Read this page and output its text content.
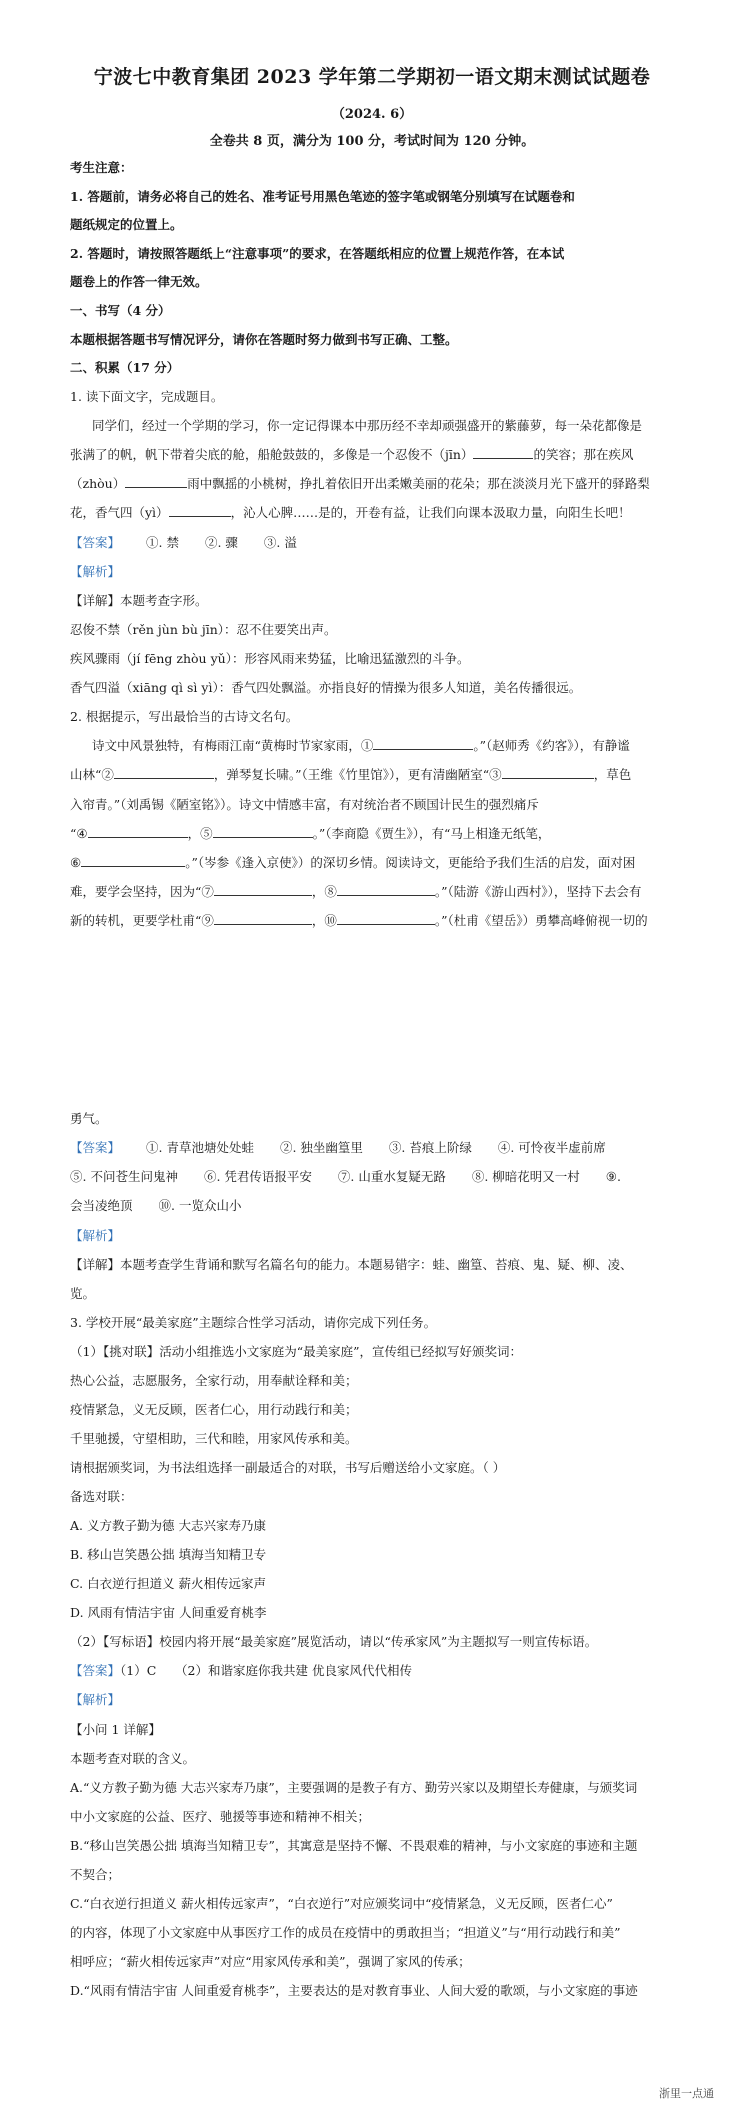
宁波七中教育集团 2023 学年第二学期初一语文期末测试试题卷
（2024. 6）
全卷共 8 页，满分为 100 分，考试时间为 120 分钟。
考生注意：
1. 答题前，请务必将自己的姓名、准考证号用黑色笔迹的签字笔或钢笔分别填写在试题卷和
题纸规定的位置上。
2. 答题时，请按照答题纸上“注意事项”的要求，在答题纸相应的位置上规范作答，在本试
题卷上的作答一律无效。
一、书写（4 分）
本题根据答题书写情况评分，请你在答题时努力做到书写正确、工整。
二、积累（17 分）
1. 读下面文字，完成题目。
同学们，经过一个学期的学习，你一定记得课本中那历经不幸却顽强盛开的紫藤萝，每一朵花都像是
张满了的帆，帆下带着尖底的舱，船舱鼓鼓的，多像是一个忍俊不（jīn）	的笑容；那在疾风
（zhòu）	雨中飘摇的小桃树，挣扎着依旧开出柔嫩美丽的花朵；那在淡淡月光下盛开的驿路梨
花，香气四（yì）	，沁人心脾……是的，开卷有益，让我们向课本汲取力量，向阳生长吧！
【答案】 ①. 禁 ②. 骤 ③. 溢
【解析】
【详解】本题考查字形。
忍俊不禁（rěn jùn bù jīn）：忍不住要笑出声。
疾风骤雨（jí fēng zhòu yǔ）：形容风雨来势猛，比喻迅猛激烈的斗争。
香气四溢（xiāng qì sì yì）：香气四处飘溢。亦指良好的情操为很多人知道，美名传播很远。
2. 根据提示，写出最恰当的古诗文名句。
诗文中风景独特，有梅雨江南“黄梅时节家家雨，①	。”（赵师秀《约客》），有静谧
山林“②	，弹琴复长啸。”（王维《竹里馆》），更有清幽陋室“③	，草色
入帘青。”（刘禹锡《陋室铭》）。诗文中情感丰富，有对统治者不顾国计民生的强烈痛斥
“④	，⑤	。”（李商隐《贾生》），有“马上相逢无纸笔，
⑥	。”（岑参《逢入京使》）的深切乡情。阅读诗文，更能给予我们生活的启发，面对困
难，要学会坚持，因为“⑦	，⑧	。”（陆游《游山西村》），坚持下去会有
新的转机，更要学杜甫“⑨	，⑩	。”（杜甫《望岳》）勇攀高峰俯视一切的
勇气。
【答案】 ①. 青草池塘处处蛙 ②. 独坐幽篁里 ③. 苔痕上阶绿 ④. 可怜夜半虚前席
⑤. 不问苍生问鬼神 ⑥. 凭君传语报平安 ⑦. 山重水复疑无路 ⑧. 柳暗花明又一村 ⑨.
会当凌绝顶 ⑩. 一览众山小
【解析】
【详解】本题考查学生背诵和默写名篇名句的能力。本题易错字：蛙、幽篁、苔痕、鬼、疑、柳、凌、
览。
3. 学校开展“最美家庭”主题综合性学习活动，请你完成下列任务。
（1）【挑对联】活动小组推选小文家庭为“最美家庭”，宣传组已经拟写好颁奖词：
热心公益，志愿服务，全家行动，用奉献诠释和美；
疫情紧急，义无反顾，医者仁心，用行动践行和美；
千里驰援，守望相助，三代和睦，用家风传承和美。
请根据颁奖词，为书法组选择一副最适合的对联，书写后赠送给小文家庭。（ ）
备选对联：
A. 义方教子勤为德 大志兴家寿乃康
B. 移山岂笑愚公拙 填海当知精卫专
C. 白衣逆行担道义 薪火相传远家声
D. 风雨有情洁宇宙 人间重爱育桃李
（2）【写标语】校园内将开展“最美家庭”展览活动，请以“传承家风”为主题拟写一则宣传标语。
【答案】（1）C　　（2）和谐家庭你我共建 优良家风代代相传
【解析】
【小问 1 详解】
本题考查对联的含义。
A.“义方教子勤为德 大志兴家寿乃康”，主要强调的是教子有方、勤劳兴家以及期望长寿健康，与颁奖词
中小文家庭的公益、医疗、驰援等事迹和精神不相关；
B.“移山岂笑愚公拙 填海当知精卫专”，其寓意是坚持不懈、不畏艰难的精神，与小文家庭的事迹和主题
不契合；
C.“白衣逆行担道义 薪火相传远家声”，“白衣逆行”对应颁奖词中“疫情紧急，义无反顾，医者仁心”
的内容，体现了小文家庭中从事医疗工作的成员在疫情中的勇敢担当；“担道义”与“用行动践行和美”
相呼应；“薪火相传远家声”对应“用家风传承和美”，强调了家风的传承；
D.“风雨有情洁宇宙 人间重爱育桃李”，主要表达的是对教育事业、人间大爱的歌颂，与小文家庭的事迹
浙里一点通
